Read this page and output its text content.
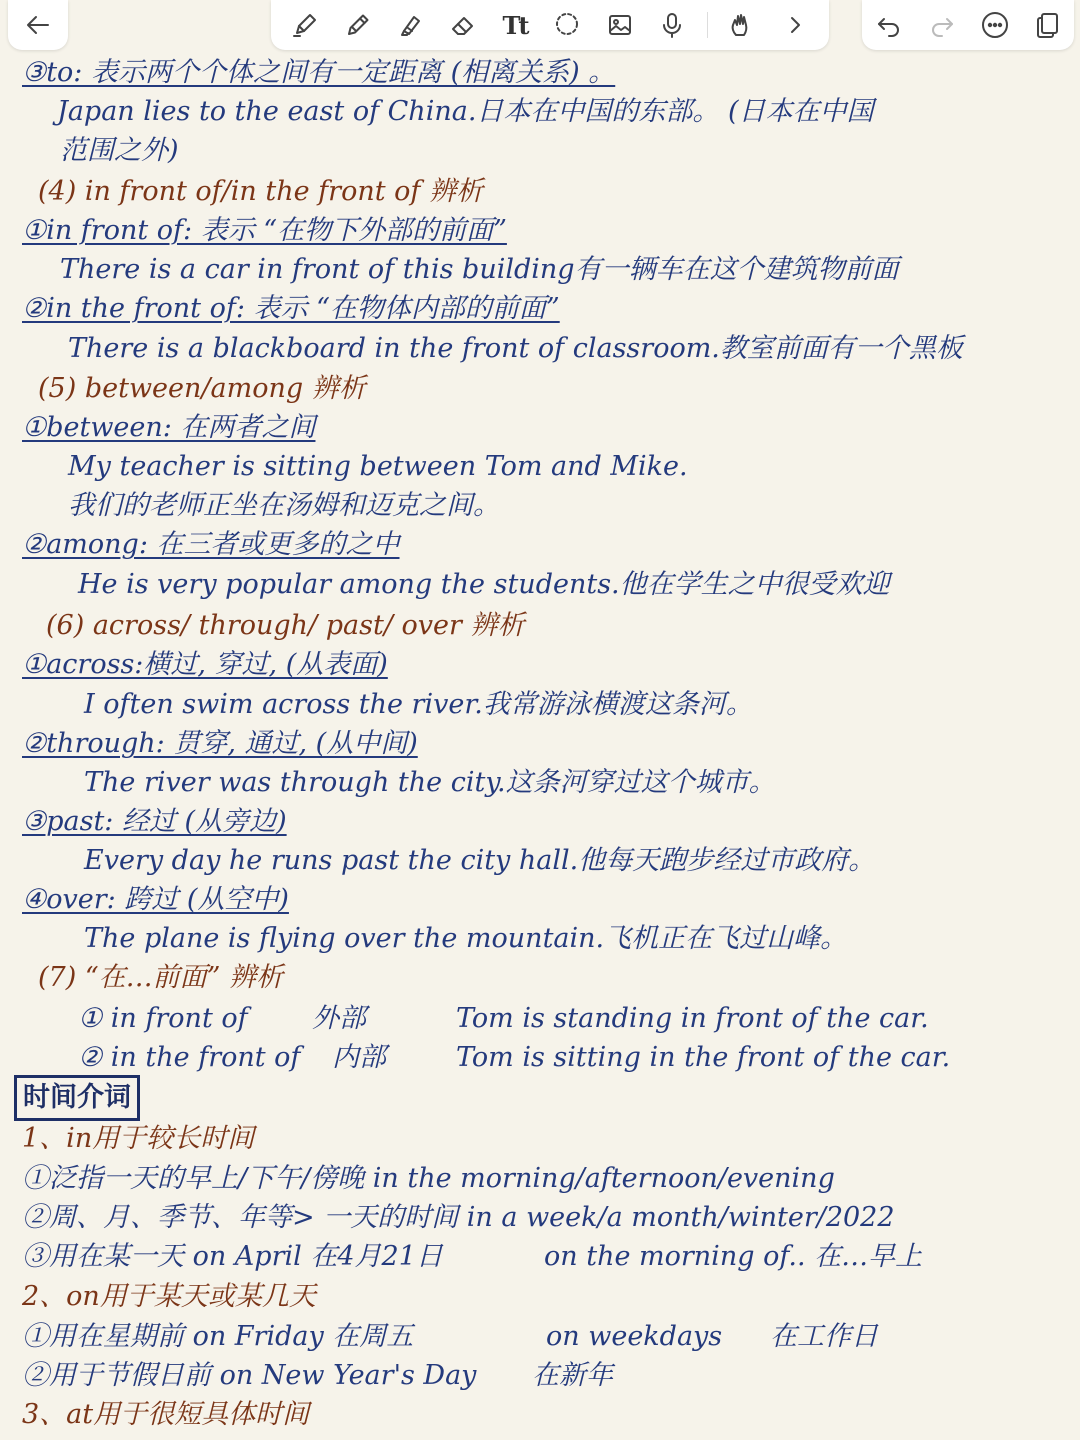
Tt
③to: 表示两个个体之间有一定距离 (相离关系) 。
Japan lies to the east of China.日本在中国的东部。 (日本在中国
范围之外)
(4) in front of/in the front of 辨析
①in front of: 表示 “在物下外部的前面”
There is a car in front of this building有一辆车在这个建筑物前面
②in the front of: 表示 “在物体内部的前面”
There is a blackboard in the front of classroom.教室前面有一个黑板
(5) between/among 辨析
①between: 在两者之间
My teacher is sitting between Tom and Mike.
我们的老师正坐在汤姆和迈克之间。
②among: 在三者或更多的之中
He is very popular among the students.他在学生之中很受欢迎
(6) across/ through/ past/ over 辨析
①across:横过, 穿过, (从表面)
I often swim across the river.我常游泳横渡这条河。
②through: 贯穿, 通过, (从中间)
The river was through the city.这条河穿过这个城市。
③past: 经过 (从旁边)
Every day he runs past the city hall.他每天跑步经过市政府。
④over: 跨过 (从空中)
The plane is flying over the mountain.飞机正在飞过山峰。
(7) “在…前面” 辨析
① in front of 外部	Tom is standing in front of the car.
② in the front of 内部	Tom is sitting in the front of the car.
时间介词
1、in用于较长时间
①泛指一天的早上/下午/傍晚 in the morning/afternoon/evening
②周、月、季节、年等> 一天的时间 in a week/a month/winter/2022
③用在某一天 on April 在4月21日	on the morning of.. 在…早上
2、on用于某天或某几天
①用在星期前 on Friday 在周五	on weekdays 在工作日
②用于节假日前 on New Year's Day 在新年
3、at用于很短具体时间
